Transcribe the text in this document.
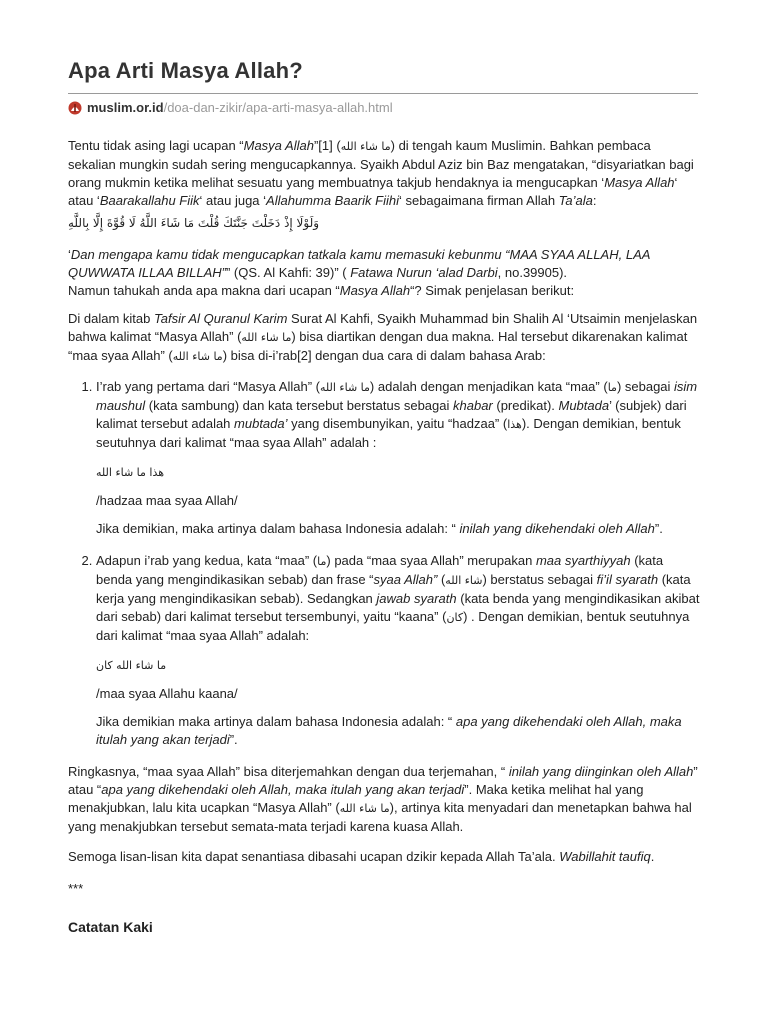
Apa Arti Masya Allah?
muslim.or.id /doa-dan-zikir/apa-arti-masya-allah.html

Tentu tidak asing lagi ucapan “Masya Allah”[1] (ما شاء الله) di tengah kaum Muslimin. Bahkan pembaca sekalian mungkin sudah sering mengucapkannya. Syaikh Abdul Aziz bin Baz mengatakan, “disyariatkan bagi orang mukmin ketika melihat sesuatu yang membuatnya takjub hendaknya ia mengucapkan ‘Masya Allah‘ atau ‘Baarakallahu Fiik‘ atau juga ‘Allahumma Baarik Fiihi‘ sebagaimana firman Allah Ta’ala:

وَلَوْلَا إِذْ دَخَلْتَ جَنَّتَكَ قُلْتَ مَا شَاءَ اللَّهُ لَا قُوَّةَ إِلَّا بِاللَّهِ

‘Dan mengapa kamu tidak mengucapkan tatkala kamu memasuki kebunmu “MAA SYAA ALLAH, LAA QUWWATA ILLAA BILLAH”” (QS. Al Kahfi: 39)” ( Fatawa Nurun ‘alad Darbi, no.39905).
Namun tahukah anda apa makna dari ucapan “Masya Allah“? Simak penjelasan berikut:

Di dalam kitab Tafsir Al Quranul Karim Surat Al Kahfi, Syaikh Muhammad bin Shalih Al ‘Utsaimin menjelaskan bahwa kalimat “Masya Allah” (ما شاء الله) bisa diartikan dengan dua makna. Hal tersebut dikarenakan kalimat “maa syaa Allah” (ما شاء الله) bisa di-i’rab[2] dengan dua cara di dalam bahasa Arab:

1. I’rab yang pertama dari “Masya Allah” (ما شاء الله) adalah dengan menjadikan kata “maa” (ما) sebagai isim maushul (kata sambung) dan kata tersebut berstatus sebagai khabar (predikat). Mubtada’ (subjek) dari kalimat tersebut adalah mubtada’ yang disembunyikan, yaitu “hadzaa” (هذا). Dengan demikian, bentuk seutuhnya dari kalimat “maa syaa Allah” adalah :

هذا ما شاء الله

/hadzaa maa syaa Allah/

Jika demikian, maka artinya dalam bahasa Indonesia adalah: “ inilah yang dikehendaki oleh Allah”.

2. Adapun i’rab yang kedua, kata “maa” (ما) pada “maa syaa Allah” merupakan maa syarthiyyah (kata benda yang mengindikasikan sebab) dan frase “syaa Allah” (شاء الله) berstatus sebagai fi’il syarath (kata kerja yang mengindikasikan sebab). Sedangkan jawab syarath (kata benda yang mengindikasikan akibat dari sebab) dari kalimat tersebut tersembunyi, yaitu “kaana” (كان) . Dengan demikian, bentuk seutuhnya dari kalimat “maa syaa Allah” adalah:

ما شاء الله كان

/maa syaa Allahu kaana/

Jika demikian maka artinya dalam bahasa Indonesia adalah: “ apa yang dikehendaki oleh Allah, maka itulah yang akan terjadi”.

Ringkasnya, “maa syaa Allah” bisa diterjemahkan dengan dua terjemahan, “ inilah yang diinginkan oleh Allah” atau “apa yang dikehendaki oleh Allah, maka itulah yang akan terjadi”. Maka ketika melihat hal yang menakjubkan, lalu kita ucapkan “Masya Allah” (ما شاء الله), artinya kita menyadari dan menetapkan bahwa hal yang menakjubkan tersebut semata-mata terjadi karena kuasa Allah.

Semoga lisan-lisan kita dapat senantiasa dibasahi ucapan dzikir kepada Allah Ta’ala. Wabillahit taufiq.

***

Catatan Kaki
